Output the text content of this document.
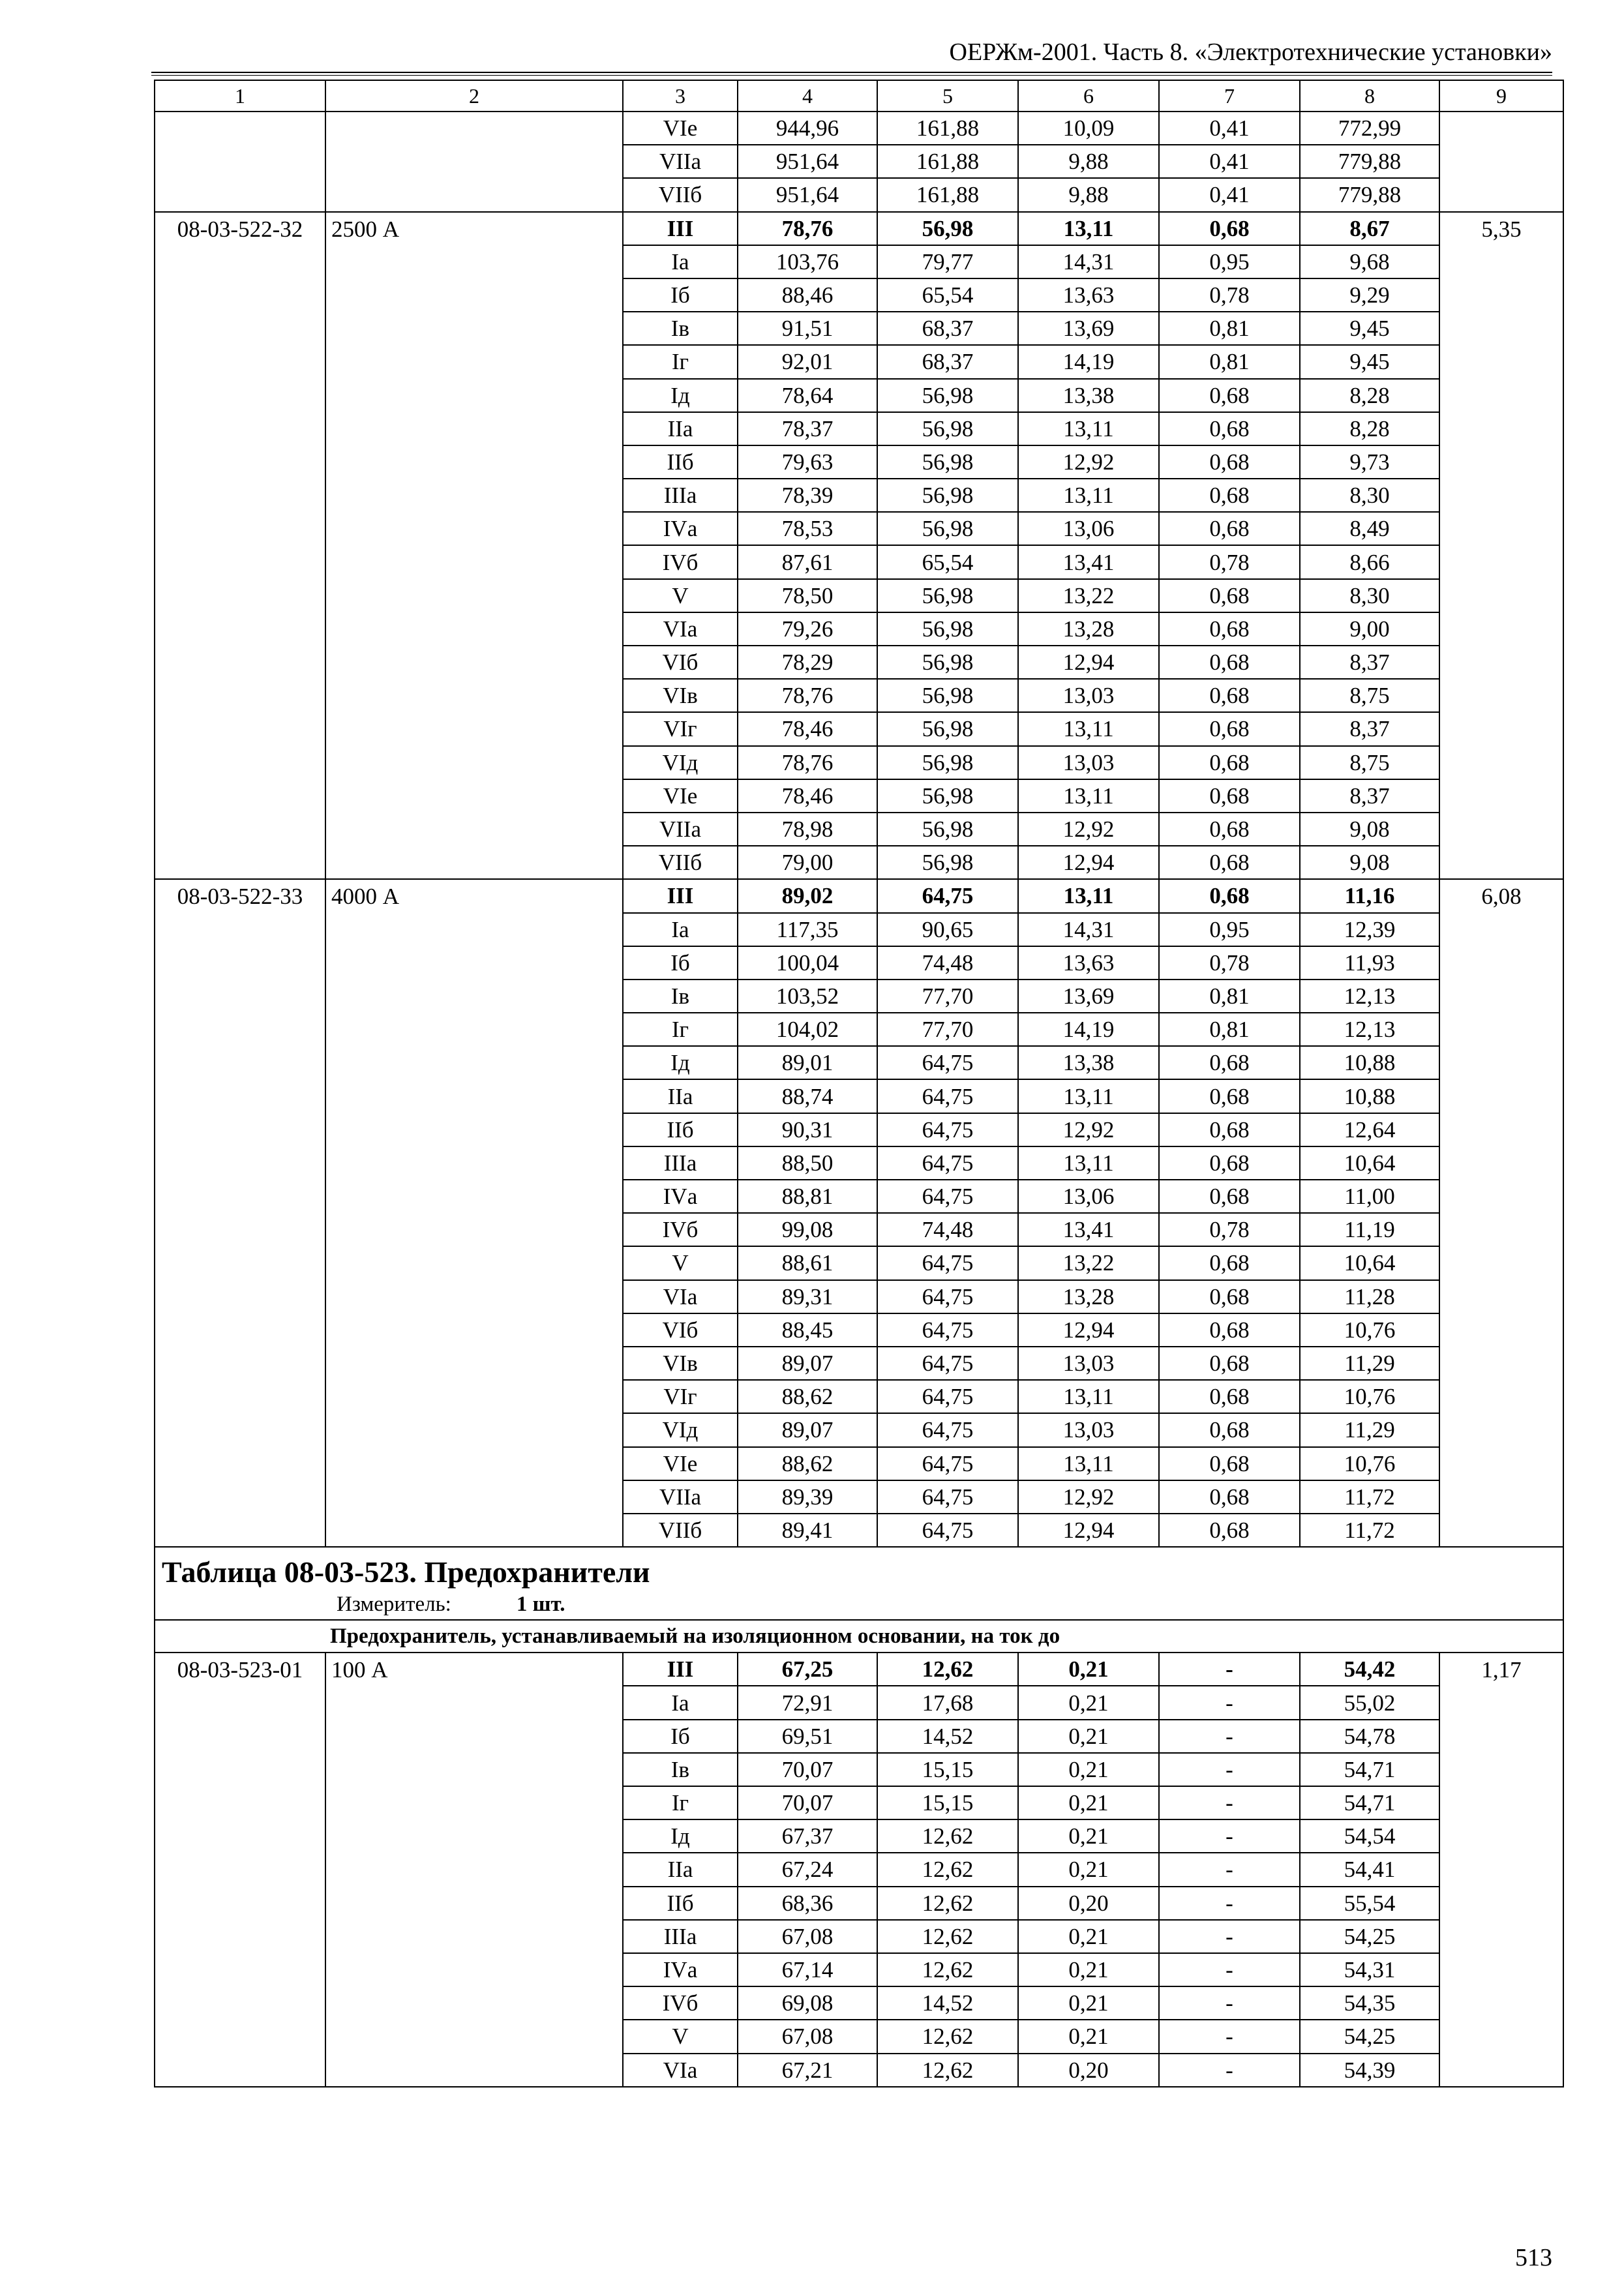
ОЕРЖм-2001. Часть 8. «Электротехнические установки»
1	2	3	4	5	6	7	8	9
		VIе	944,96	161,88	10,09	0,41	772,99	
		VIIа	951,64	161,88	9,88	0,41	779,88	
		VIIб	951,64	161,88	9,88	0,41	779,88	
08-03-522-32	2500 А	III	78,76	56,98	13,11	0,68	8,67	5,35
		Iа	103,76	79,77	14,31	0,95	9,68	
		Iб	88,46	65,54	13,63	0,78	9,29	
		Iв	91,51	68,37	13,69	0,81	9,45	
		Iг	92,01	68,37	14,19	0,81	9,45	
		Iд	78,64	56,98	13,38	0,68	8,28	
		IIа	78,37	56,98	13,11	0,68	8,28	
		IIб	79,63	56,98	12,92	0,68	9,73	
		IIIа	78,39	56,98	13,11	0,68	8,30	
		IVа	78,53	56,98	13,06	0,68	8,49	
		IVб	87,61	65,54	13,41	0,78	8,66	
		V	78,50	56,98	13,22	0,68	8,30	
		VIа	79,26	56,98	13,28	0,68	9,00	
		VIб	78,29	56,98	12,94	0,68	8,37	
		VIв	78,76	56,98	13,03	0,68	8,75	
		VIг	78,46	56,98	13,11	0,68	8,37	
		VIд	78,76	56,98	13,03	0,68	8,75	
		VIе	78,46	56,98	13,11	0,68	8,37	
		VIIа	78,98	56,98	12,92	0,68	9,08	
		VIIб	79,00	56,98	12,94	0,68	9,08	
08-03-522-33	4000 А	III	89,02	64,75	13,11	0,68	11,16	6,08
		Iа	117,35	90,65	14,31	0,95	12,39	
		Iб	100,04	74,48	13,63	0,78	11,93	
		Iв	103,52	77,70	13,69	0,81	12,13	
		Iг	104,02	77,70	14,19	0,81	12,13	
		Iд	89,01	64,75	13,38	0,68	10,88	
		IIа	88,74	64,75	13,11	0,68	10,88	
		IIб	90,31	64,75	12,92	0,68	12,64	
		IIIа	88,50	64,75	13,11	0,68	10,64	
		IVа	88,81	64,75	13,06	0,68	11,00	
		IVб	99,08	74,48	13,41	0,78	11,19	
		V	88,61	64,75	13,22	0,68	10,64	
		VIа	89,31	64,75	13,28	0,68	11,28	
		VIб	88,45	64,75	12,94	0,68	10,76	
		VIв	89,07	64,75	13,03	0,68	11,29	
		VIг	88,62	64,75	13,11	0,68	10,76	
		VIд	89,07	64,75	13,03	0,68	11,29	
		VIе	88,62	64,75	13,11	0,68	10,76	
		VIIа	89,39	64,75	12,92	0,68	11,72	
		VIIб	89,41	64,75	12,94	0,68	11,72	

Таблица 08-03-523. Предохранители
Измеритель: 1 шт.								

Предохранитель, устанавливаемый на изоляционном основании, на ток до								
08-03-523-01	100 А	III	67,25	12,62	0,21	-	54,42	1,17
		Iа	72,91	17,68	0,21	-	55,02	
		Iб	69,51	14,52	0,21	-	54,78	
		Iв	70,07	15,15	0,21	-	54,71	
		Iг	70,07	15,15	0,21	-	54,71	
		Iд	67,37	12,62	0,21	-	54,54	
		IIа	67,24	12,62	0,21	-	54,41	
		IIб	68,36	12,62	0,20	-	55,54	
		IIIа	67,08	12,62	0,21	-	54,25	
		IVа	67,14	12,62	0,21	-	54,31	
		IVб	69,08	14,52	0,21	-	54,35	
		V	67,08	12,62	0,21	-	54,25	
		VIа	67,21	12,62	0,20	-	54,39	
513
